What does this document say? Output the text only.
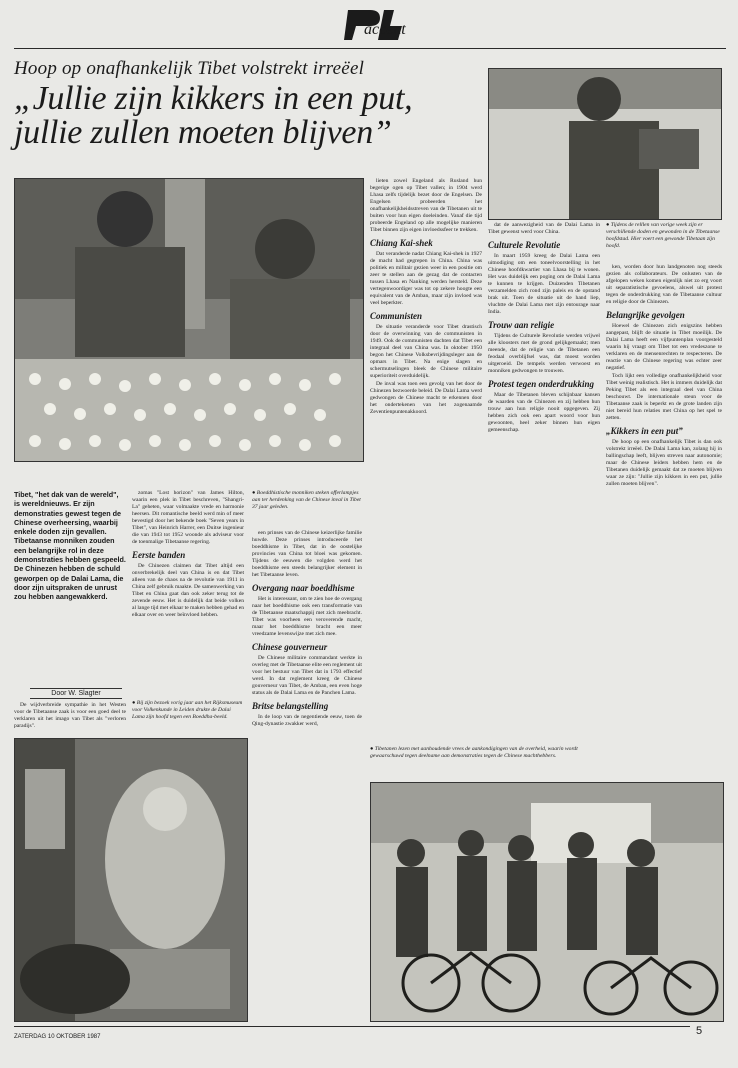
accent
Hoop op onafhankelijk Tibet volstrekt irreëel
„Jullie zijn kikkers in een put, jullie zullen moeten blijven”
Tibet, "het dak van de wereld", is wereldnieuws. Er zijn demonstraties gewest tegen de Chinese overheersing, waarbij enkele doden zijn gevallen. Tibetaanse monniken zouden een belangrijke rol in deze demonstraties hebben gespeeld. De Chinezen hebben de schuld geworpen op de Dalai Lama, die door zijn uitspraken de unrust zou hebben aangewakkerd.
Door W. Slagter

De wijdverbreide sympathie in het Westen voor de Tibetaanse zaak is voor een goed deel te verklaren uit het imago van Tibet als "verloren paradijs".

zomas "Lost horizon" van James Hilton, waarin een plek in Tibet beschreven, "Shangri-La" geheten, waar volmaakte vrede en harmonie heersen. Dit romantische beeld werd min of meer bevestigd door het bekende boek "Seven years in Tibet", van Heinrich Harrer, een Duitse ingenieur die van 1943 tot 1952 woonde als adviseur voor de toenmalige Tibetaanse regering.

Eerste banden

De Chinezen claimen dat Tibet altijd een onverbrekelijk deel van China is en dat Tibet alleen van de chaos na de revolutie van 1911 in China zelf gebruik maakte. De samenwerking van Tibet en China gaat dan ook zeker terug tot de zevende eeuw. Het is duidelijk dat beide volken al lange tijd met elkaar te maken hebben gehad en elkaar over en weer beïnvloed hebben.

● Bij zijn bezoek vorig jaar aan het Rijksmuseum voor Volkenkunde in Leiden drukte de Dalai Lama zijn hoofd tegen een Boeddha-beeld.
● Boeddhistische monniken steken offerlampjes aan ter herdenking van de Chinese inval in Tibet 37 jaar geleden.

een prinses van de Chinese keizerlijke familie huwde. Deze prinses introduceerde het boeddhisme in Tibet, dat in de oostelijke provincies van China tot bloei was gekomen. Tijdens de eeuwen die volgden werd het boeddhisme een steeds belangrijker element in het Tibetaanse leven.

Overgang naar boeddhisme

Het is interessant, om te zien hoe de overgang naar het boeddhisme ook een transformatie van de Tibetaanse maatschappij met zich meebracht. Tibet was voorheen een veroverende macht, maar het boeddhisme bracht een meer vreedzame levenswijze met zich mee.

Chinese gouverneur

De Chinese militaire commandant werkte in overleg met de Tibetaanse elite een reglement uit voor het bestuur van Tibet dat in 1793 effectief werd. In dat reglement kreeg de Chinese gouverneur van Tibet, de Amban, een even hoge status als de Dalai Lama en de Panchen Lama.

Britse belangstelling

In de loop van de negentiende eeuw, toen de Qing-dynastie zwakker werd,

lieten zowel Engeland als Rusland hun begerige ogen op Tibet vallen; in 1904 werd Lhasa zelfs tijdelijk bezet door de Engelsen. De Engelsen probeerden het onafhankelijkheidsstreven van de Tibetanen uit te buiten voor hun eigen doeleinden. Vanaf die tijd probeerde Engeland op alle mogelijke manieren Tibet binnen zijn eigen invloedssfeer te trekken.

Chiang Kai-shek

Dat veranderde nadat Chiang Kai-shek in 1927 de macht had gegrepen in China. China was politiek en militair gezien weer in een positie om zeer te stellen aan de gezag dat de contacten tussen Lhasa en Nanking werden hersteld. Deze vertegenwoordiger was tot op zekere hoogte een equivalent van de Amban, maar zijn invloed was veel beperkter.

Communisten

De situatie veranderde voor Tibet drastisch door de overwinning van de communisten in 1949. Ook de communisten dachten dat Tibet een integraal deel van China was. In oktober 1950 begon het Chinese Volksbevrijdingsleger aan de opmars in Tibet. Na enige slagen en schermutselingen bleek de Chinese militaire superioriteit overduidelijk.

De inval was toen een gevolg van het door de Chinezen bezwoerde beleid. De Dalai Lama werd gedwongen de Chinese macht te erkennen door het ondertekenen van het zogenaamde Zeventienpuntenakkoord.

dat de aanwezigheid van de Dalai Lama in Tibet gewenst werd voor China.

Culturele Revolutie

In maart 1959 kreeg de Dalai Lama een uitnodiging om een toneelvoorstelling in het Chinese hoofdkwartier van Lhasa bij te wonen. Het was duidelijk een poging om de Dalai Lama te kunnen te krijgen. Duizenden Tibetanen verzamelden zich rond zijn paleis en de opstand brak uit. Toen de situatie uit de hand liep, vluchtte de Dalai Lama met zijn entourage naar India.

Trouw aan religie

Tijdens de Culturele Revolutie werden vrijwel alle kloosters met de grond gelijkgemaakt; men meende, dat de religie van de Tibetanen een feodaal overblijfsel was, dat moest worden uitgeroeid. De tempels werden verwoest en monniken gedwongen te trouwen.

Protest tegen onderdrukking

Maar de Tibetanen bleven schijnbaar kansen de waarden van de Chinezen en zij hebben hun trouw aan hun religie nooit opgegeven. Zij hebben zich ook een apart woord voor hun gewoonten, heel zeker binnen hun eigen gemeenschap.

● Tijdens de relllen van vorige week zijn er verschillende doden en gewonden in de Tibetaanse hoofdstad. Hier voert een gewonde Tibetaan zijn hoofd.

ken, worden door hun landgenoten nog steeds gezien als collaborateurs. De onlusten van de afgelopen weken komen eigenlijk niet zo erg voort uit separatistische gevoelens, alswel uit protest tegen de onderdrukking van de Tibetaanse cultuur en religie door de Chinezen.

Belangrijke gevolgen

Hoewel de Chinezen zich enigszins hebben aangepast, blijft de situatie in Tibet moeilijk. De Dalai Lama heeft een vijfpuntenplan voorgesteld waarin hij vraagt om Tibet tot een vredeszone te verklaren en de mensenrechten te respecteren. De reactie van de Chinese regering was echter zeer negatief.

Toch lijkt een volledige onafhankelijkheid voor Tibet weinig realistisch. Het is immers duidelijk dat Peking Tibet als een integraal deel van China beschouwt. De internationale steun voor de Tibetaanse zaak is beperkt en de grote landen zijn niet bereid hun relaties met China op het spel te zetten.

„Kikkers in een put”

De hoop op een onafhankelijk Tibet is dan ook volstrekt irreëel. De Dalai Lama kan, zolang hij in ballingschap leeft, blijven streven naar autonomie; maar de Chinese leiders hebben hem en de Tibetanen duidelijk gemaakt dat ze moeten blijven waar ze zijn: "Jullie zijn kikkers in een put, jullie zullen moeten blijven".

● Tibetanen lezen met aanhoudende vrees de aankondigingen van de overheid, waarin wordt gewaarschuwd tegen deelname aan demonstraties tegen de Chinese machthebbers.
ZATERDAG 10 OKTOBER 1987	5
